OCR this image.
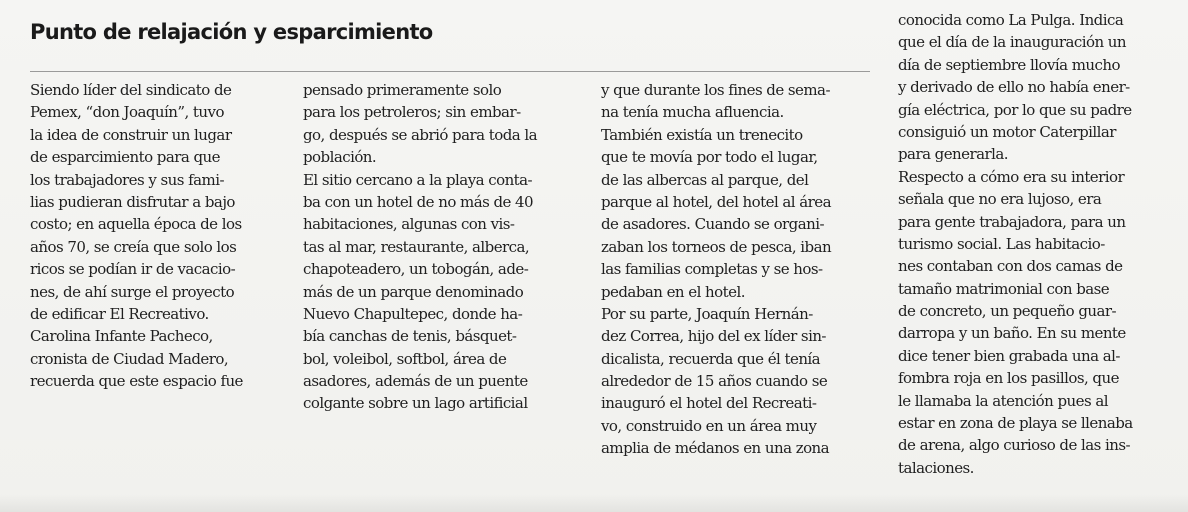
Punto de relajación y esparcimiento
Siendo líder del sindicato de
Pemex, “don Joaquín”, tuvo
la idea de construir un lugar
de esparcimiento para que
los trabajadores y sus fami-
lias pudieran disfrutar a bajo
costo; en aquella época de los
años 70, se creía que solo los
ricos se podían ir de vacacio-
nes, de ahí surge el proyecto
de edificar El Recreativo.
Carolina Infante Pacheco,
cronista de Ciudad Madero,
recuerda que este espacio fue
pensado primeramente solo
para los petroleros; sin embar-
go, después se abrió para toda la
población.
El sitio cercano a la playa conta-
ba con un hotel de no más de 40
habitaciones, algunas con vis-
tas al mar, restaurante, alberca,
chapoteadero, un tobogán, ade-
más de un parque denominado
Nuevo Chapultepec, donde ha-
bía canchas de tenis, básquet-
bol, voleibol, softbol, área de
asadores, además de un puente
colgante sobre un lago artificial
y que durante los fines de sema-
na tenía mucha afluencia.
También existía un trenecito
que te movía por todo el lugar,
de las albercas al parque, del
parque al hotel, del hotel al área
de asadores. Cuando se organi-
zaban los torneos de pesca, iban
las familias completas y se hos-
pedaban en el hotel.
Por su parte, Joaquín Hernán-
dez Correa, hijo del ex líder sin-
dicalista, recuerda que él tenía
alrededor de 15 años cuando se
inauguró el hotel del Recreati-
vo, construido en un área muy
amplia de médanos en una zona
conocida como La Pulga. Indica
que el día de la inauguración un
día de septiembre llovía mucho
y derivado de ello no había ener-
gía eléctrica, por lo que su padre
consiguió un motor Caterpillar
para generarla.
Respecto a cómo era su interior
señala que no era lujoso, era
para gente trabajadora, para un
turismo social. Las habitacio-
nes contaban con dos camas de
tamaño matrimonial con base
de concreto, un pequeño guar-
darropa y un baño. En su mente
dice tener bien grabada una al-
fombra roja en los pasillos, que
le llamaba la atención pues al
estar en zona de playa se llenaba
de arena, algo curioso de las ins-
talaciones.
